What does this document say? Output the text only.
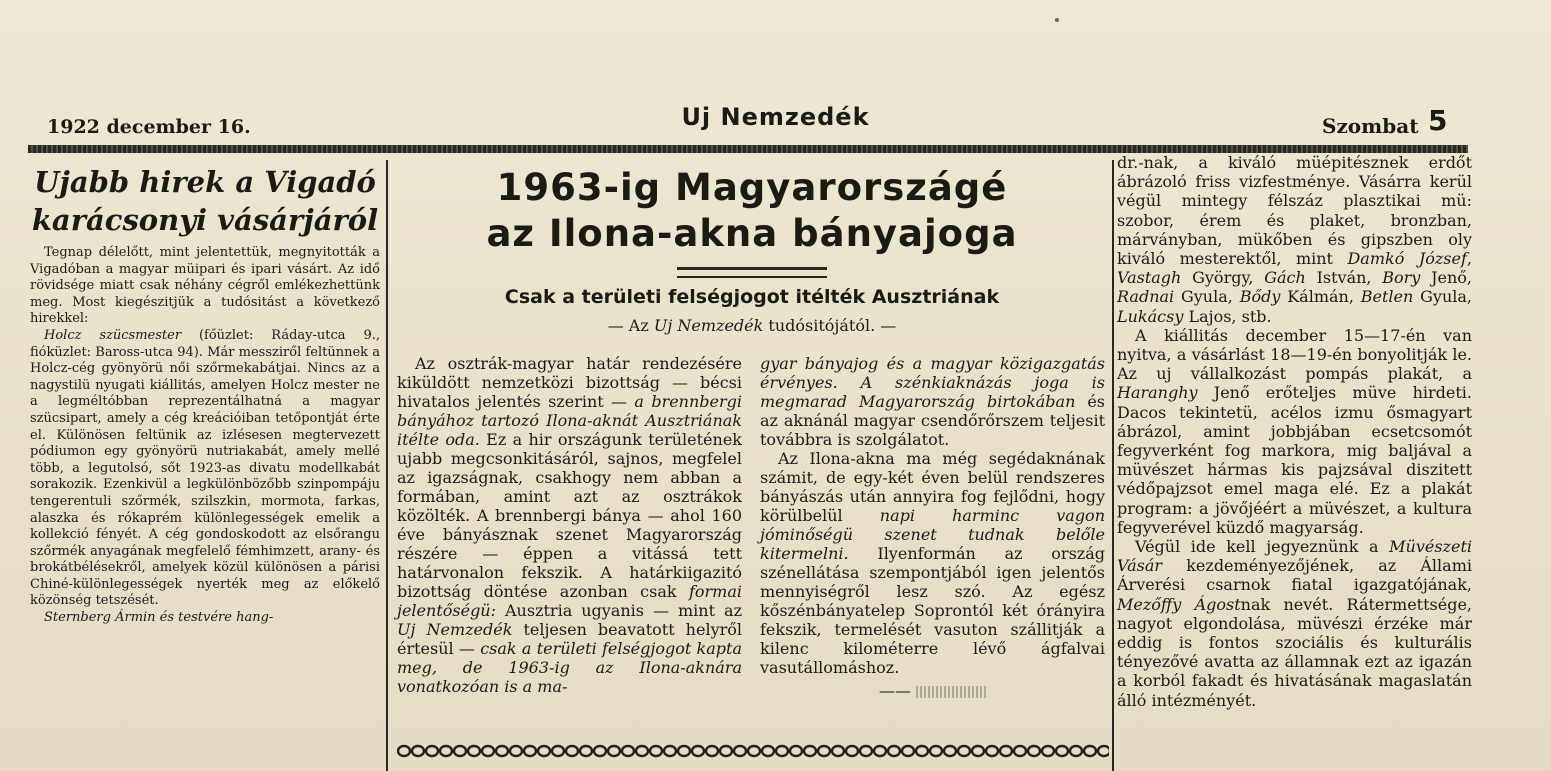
1922 december 16.	Uj Nemzedék	Szombat 5
Ujabb hirek a Vigadó
karácsonyi vásárjáról

Tegnap délelőtt, mint jelentettük, megnyitották a Vigadóban a magyar müipari és ipari vásárt. Az idő rövidsége miatt csak néhány cégről emlékezhettünk meg. Most kiegészitjük a tudósitást a következő hirekkel:

Holcz szücsmester (főüzlet: Ráday-utca 9., fióküzlet: Baross-utca 94). Már messziről feltünnek a Holcz-cég gyönyörü női szőrmekabátjai. Nincs az a nagystilü nyugati kiállitás, amelyen Holcz mester ne a legméltóbban reprezentálhatná a magyar szücsipart, amely a cég kreációiban tetőpontját érte el. Különösen feltünik az izlésesen megtervezett pódiumon egy gyönyörü nutriakabát, amely mellé több, a legutolsó, sőt 1923-as divatu modellkabát sorakozik. Ezenkivül a legkülönbözőbb szinpompáju tengerentuli szőrmék, szilszkin, mormota, farkas, alaszka és rókaprém különlegességek emelik a kollekció fényét. A cég gondoskodott az elsőrangu szőrmék anyagának megfelelő fémhimzett, arany- és brokátbélésekről, amelyek közül különösen a párisi Chiné-különlegességek nyerték meg az előkelő közönség tetszését.

Sternberg Ármin és testvére hang-

1963-ig Magyarországé
az Ilona-akna bányajoga
Csak a területi felségjogot itélték Ausztriának
— Az Uj Nemzedék tudósitójától. —

Az osztrák-magyar határ rendezésére kiküldött nemzetközi bizottság — bécsi hivatalos jelentés szerint — a brennbergi bányához tartozó Ilona-aknát Ausztriának itélte oda. Ez a hir országunk területének ujabb megcsonkitásáról, sajnos, megfelel az igazságnak, csakhogy nem abban a formában, amint azt az osztrákok közölték. A brennbergi bánya — ahol 160 éve bányásznak szenet Magyarország részére — éppen a vitássá tett határvonalon fekszik. A határkiigazitó bizottság döntése azonban csak formai jelentőségü: Ausztria ugyanis — mint az Uj Nemzedék teljesen beavatott helyről értesül — csak a területi felségjogot kapta meg, de 1963-ig az Ilona-aknára vonatkozóan is a ma-

gyar bányajog és a magyar közigazgatás érvényes. A szénkiaknázás joga is megmarad Magyarország birtokában és az aknánál magyar csendőrőrszem teljesit továbbra is szolgálatot.

Az Ilona-akna ma még segédaknának számit, de egy-két éven belül rendszeres bányászás után annyira fog fejlődni, hogy körülbelül napi harminc vagon jóminőségü szenet tudnak belőle kitermelni. Ilyenformán az ország szénellátása szempontjából igen jelentős mennyiségről lesz szó. Az egész kőszénbányatelep Soprontól két órányira fekszik, termelését vasuton szállitják a kilenc kilométerre lévő ágfalvai vasutállomáshoz.

——

dr.-nak, a kiváló müépitésznek erdőt ábrázoló friss vizfestménye. Vásárra kerül végül mintegy félszáz plasztikai mü: szobor, érem és plaket, bronzban, márványban, mükőben és gipszben oly kiváló mesterektől, mint Damkó József, Vastagh György, Gách István, Bory Jenő, Radnai Gyula, Bődy Kálmán, Betlen Gyula, Lukácsy Lajos, stb.

A kiállitás december 15—17-én van nyitva, a vásárlást 18—19-én bonyolitják le. Az uj vállalkozást pompás plakát, a Haranghy Jenő erőteljes müve hirdeti. Dacos tekintetü, acélos izmu ősmagyart ábrázol, amint jobbjában ecsetcsomót fegyverként fog markora, mig baljával a müvészet hármas kis pajzsával diszitett védőpajzsot emel maga elé. Ez a plakát program: a jövőjéért a müvészet, a kultura fegyverével küzdő magyarság.

Végül ide kell jegyeznünk a Müvészeti Vásár kezdeményezőjének, az Állami Árverési csarnok fiatal igazgatójának, Mezőffy Ágostnak nevét. Rátermettsége, nagyot elgondolása, müvészi érzéke már eddig is fontos szociális és kulturális tényezővé avatta az államnak ezt az igazán a korból fakadt és hivatásának magaslatán álló intézményét.
